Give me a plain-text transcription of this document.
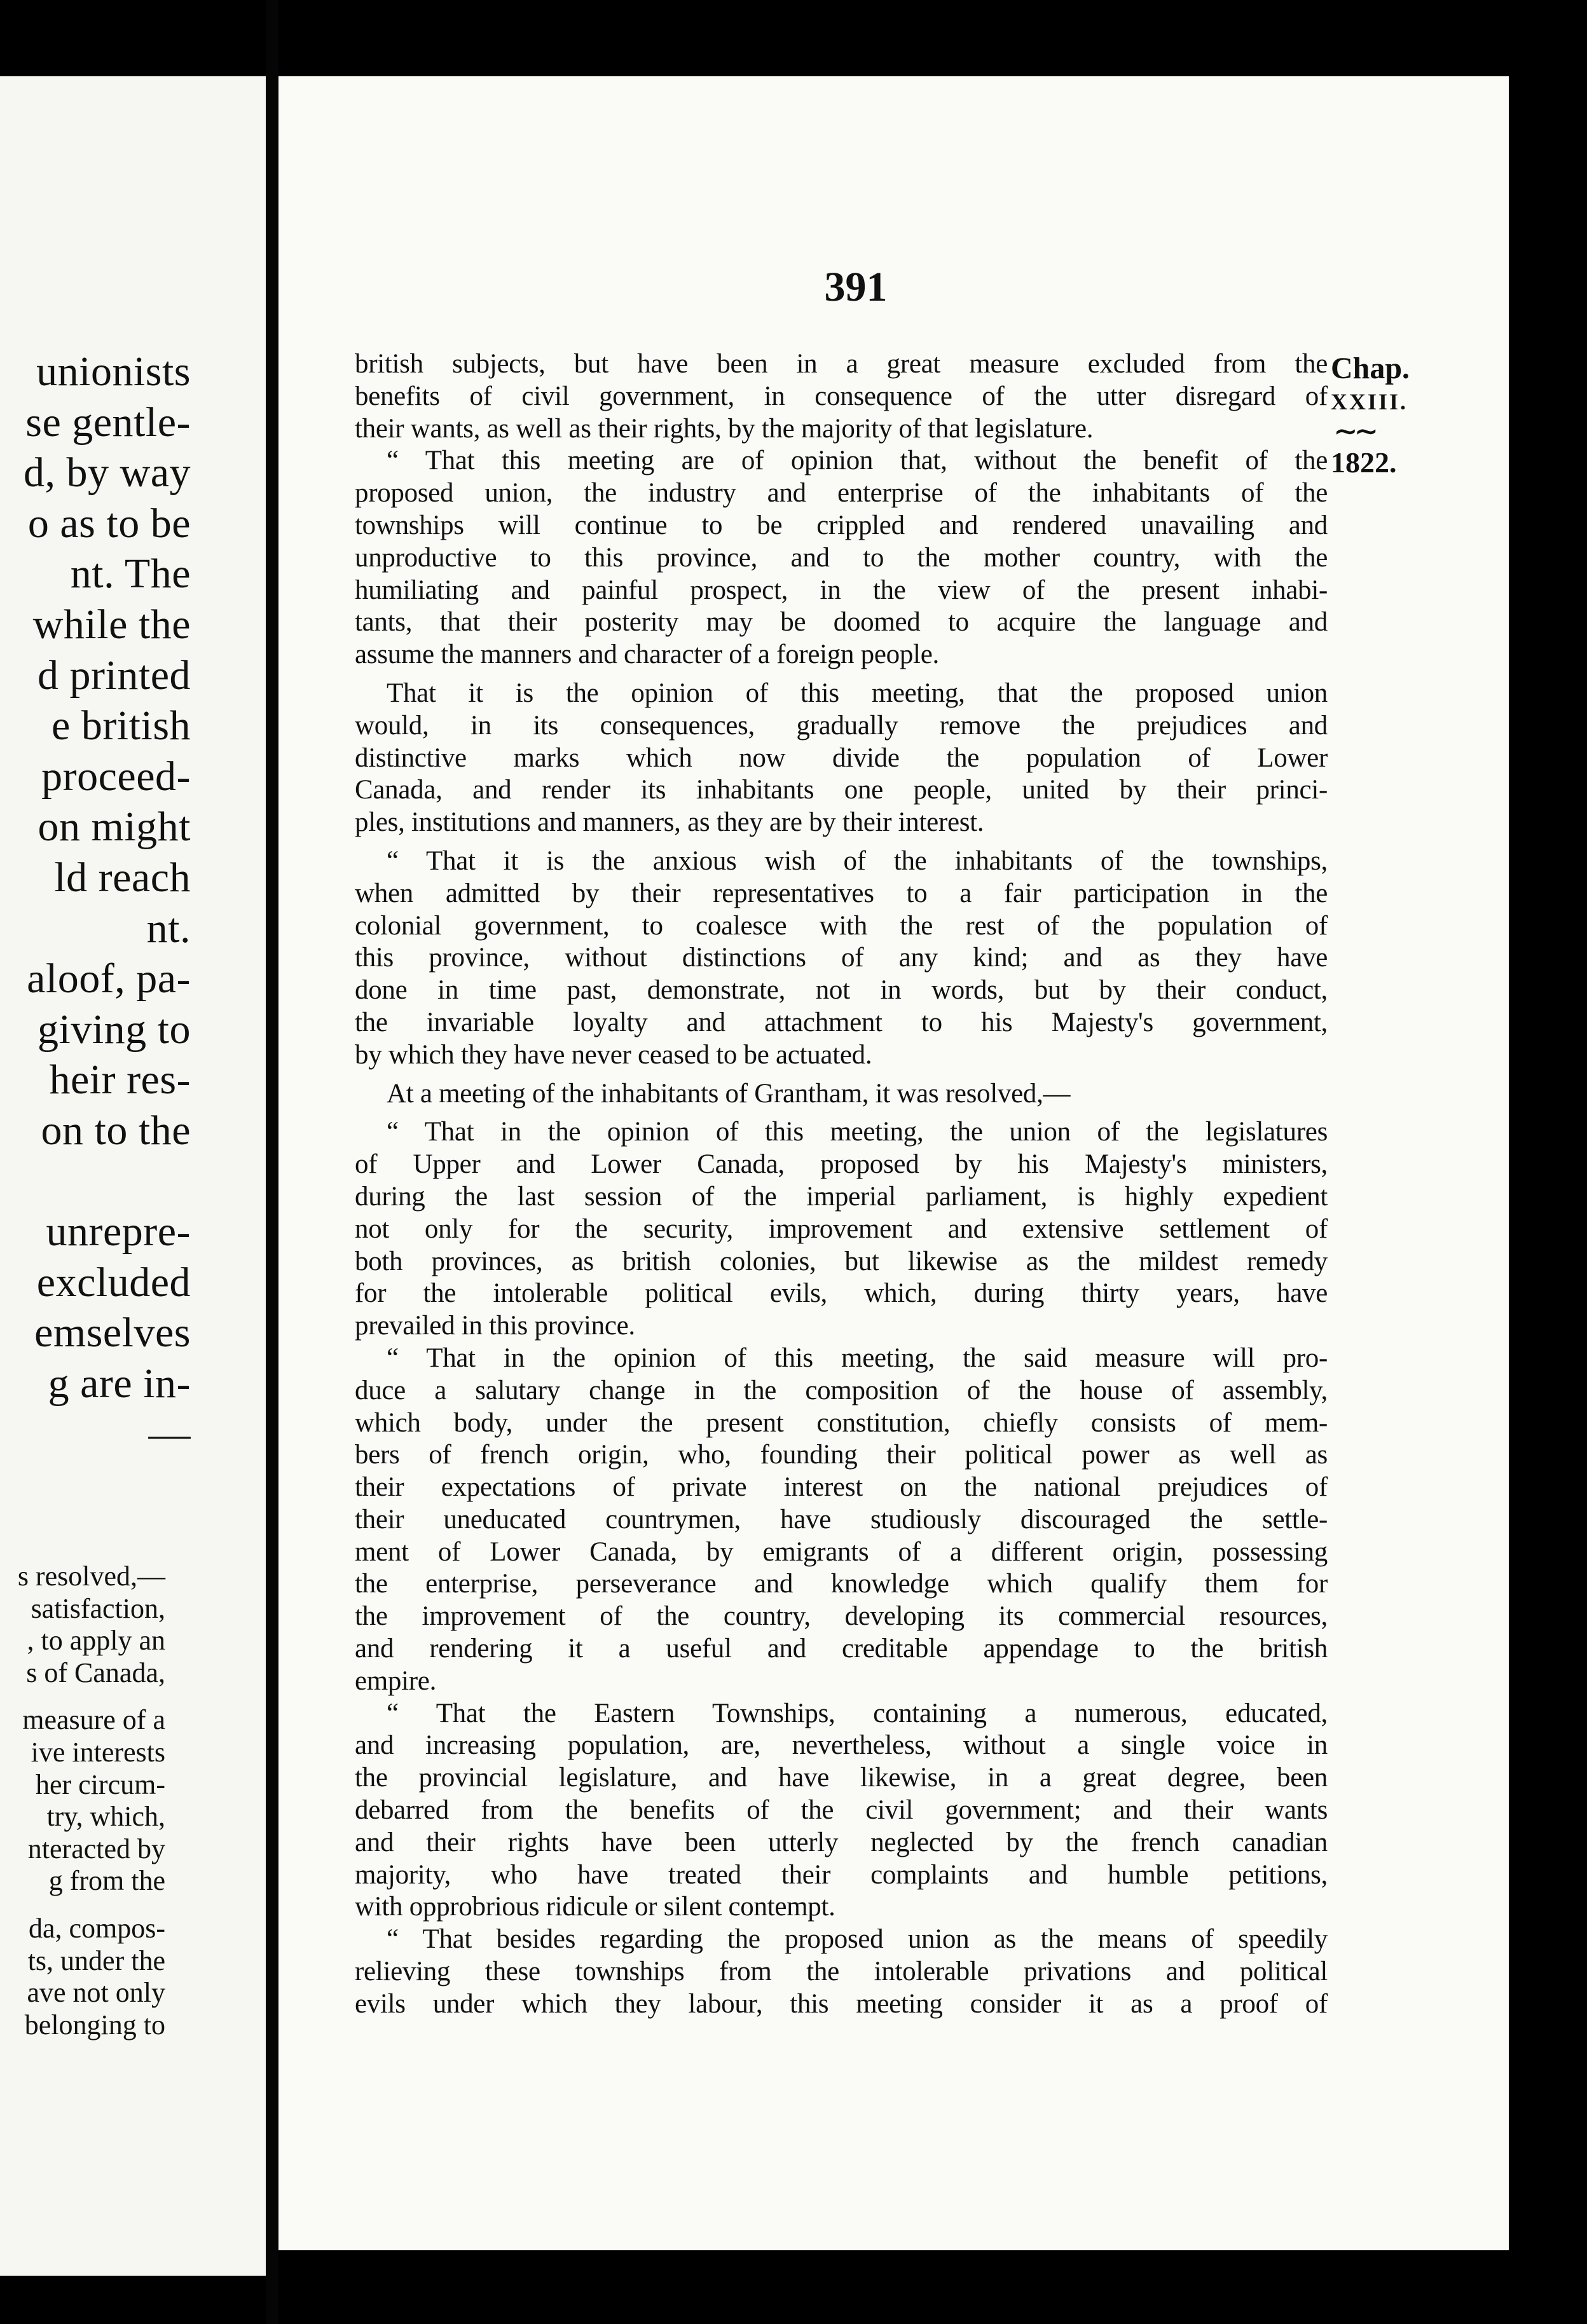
unionists
se gentle-
d, by way
o as to be
nt. The
while the
d printed
e british
proceed-
on might
ld reach
nt.
aloof, pa-
giving to
heir res-
on to the
unrepre-
excluded
emselves
g are in-
—
s resolved,—
satisfaction,
, to apply an
s of Canada,
measure of a
ive interests
her circum-
try, which,
nteracted by
g from the
da, compos-
ts, under the
ave not only
belonging to
391
Chap.
XXIII.
∼∼
1822.
british subjects, but have been in a great measure excluded from the
benefits of civil government, in consequence of the utter disregard of
their wants, as well as their rights, by the majority of that legislature.
“ That this meeting are of opinion that, without the benefit of the
proposed union, the industry and enterprise of the inhabitants of the
townships will continue to be crippled and rendered unavailing and
unproductive to this province, and to the mother country, with the
humiliating and painful prospect, in the view of the present inhabi-
tants, that their posterity may be doomed to acquire the language and
assume the manners and character of a foreign people.
That it is the opinion of this meeting, that the proposed union
would, in its consequences, gradually remove the prejudices and
distinctive marks which now divide the population of Lower
Canada, and render its inhabitants one people, united by their princi-
ples, institutions and manners, as they are by their interest.
“ That it is the anxious wish of the inhabitants of the townships,
when admitted by their representatives to a fair participation in the
colonial government, to coalesce with the rest of the population of
this province, without distinctions of any kind; and as they have
done in time past, demonstrate, not in words, but by their conduct,
the invariable loyalty and attachment to his Majesty's government,
by which they have never ceased to be actuated.
At a meeting of the inhabitants of Grantham, it was resolved,—
“ That in the opinion of this meeting, the union of the legislatures
of Upper and Lower Canada, proposed by his Majesty's ministers,
during the last session of the imperial parliament, is highly expedient
not only for the security, improvement and extensive settlement of
both provinces, as british colonies, but likewise as the mildest remedy
for the intolerable political evils, which, during thirty years, have
prevailed in this province.
“ That in the opinion of this meeting, the said measure will pro-
duce a salutary change in the composition of the house of assembly,
which body, under the present constitution, chiefly consists of mem-
bers of french origin, who, founding their political power as well as
their expectations of private interest on the national prejudices of
their uneducated countrymen, have studiously discouraged the settle-
ment of Lower Canada, by emigrants of a different origin, possessing
the enterprise, perseverance and knowledge which qualify them for
the improvement of the country, developing its commercial resources,
and rendering it a useful and creditable appendage to the british
empire.
“ That the Eastern Townships, containing a numerous, educated,
and increasing population, are, nevertheless, without a single voice in
the provincial legislature, and have likewise, in a great degree, been
debarred from the benefits of the civil government; and their wants
and their rights have been utterly neglected by the french canadian
majority, who have treated their complaints and humble petitions,
with opprobrious ridicule or silent contempt.
“ That besides regarding the proposed union as the means of speedily
relieving these townships from the intolerable privations and political
evils under which they labour, this meeting consider it as a proof of
